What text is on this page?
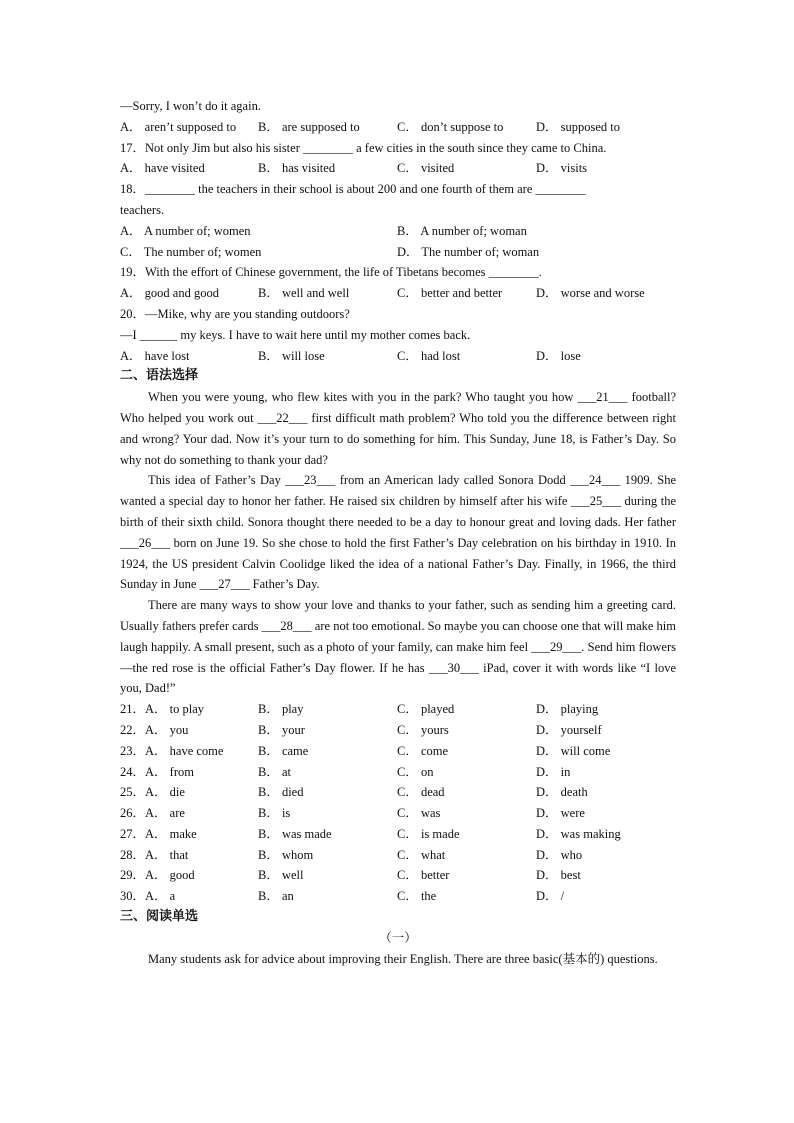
—Sorry, I won’t do it again.
A． aren’t supposed to B． are supposed to	C． don’t suppose to	D． supposed to
17．Not only Jim but also his sister ________ a few cities in the south since they came to China.
A． have visited	B． has visited	C． visited	D． visits
18．________ the teachers in their school is about 200 and one fourth of them are ________
teachers.
A． A number of; women	B． A number of; woman
C． The number of; women	D． The number of; woman
19．With the effort of Chinese government, the life of Tibetans becomes ________.
A． good and good	B． well and well	C． better and better	D． worse and worse
20．—Mike, why are you standing outdoors?
—I ______ my keys. I have to wait here until my mother comes back.
A． have lost	B． will lose	C． had lost	D． lose
二、语法选择
When you were young, who flew kites with you in the park? Who taught you how ___21___ football? Who helped you work out ___22___ first difficult math problem? Who told you the difference between right and wrong? Your dad. Now it’s your turn to do something for him. This Sunday, June 18, is Father’s Day. So why not do something to thank your dad?
This idea of Father’s Day ___23___ from an American lady called Sonora Dodd ___24___ 1909. She wanted a special day to honor her father. He raised six children by himself after his wife ___25___ during the birth of their sixth child. Sonora thought there needed to be a day to honour great and loving dads. Her father ___26___ born on June 19. So she chose to hold the first Father’s Day celebration on his birthday in 1910. In 1924, the US president Calvin Coolidge liked the idea of a national Father’s Day. Finally, in 1966, the third Sunday in June ___27___ Father’s Day.
There are many ways to show your love and thanks to your father, such as sending him a greeting card. Usually fathers prefer cards ___28___ are not too emotional. So maybe you can choose one that will make him laugh happily. A small present, such as a photo of your family, can make him feel ___29___. Send him flowers—the red rose is the official Father’s Day flower. If he has ___30___ iPad, cover it with words like “I love you, Dad!”
21．A． to play	B． play	C． played	D． playing
22．A． you	B． your	C． yours	D． yourself
23．A． have come	B． came	C． come	D． will come
24．A． from	B． at	C． on	D． in
25．A． die	B． died	C． dead	D． death
26．A． are	B． is	C． was	D． were
27．A． make	B． was made	C． is made	D． was making
28．A． that	B． whom	C． what	D． who
29．A． good	B． well	C． better	D． best
30．A． a	B． an	C． the	D． /
三、阅读单选
（一）
Many students ask for advice about improving their English. There are three basic(基本的) questions.
